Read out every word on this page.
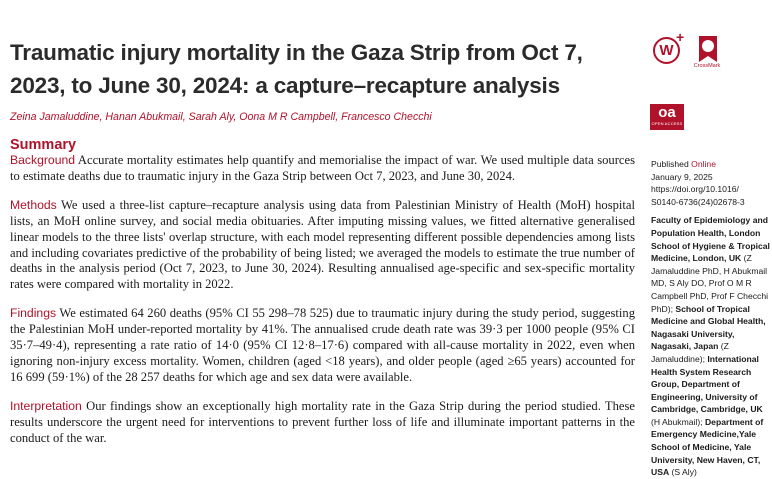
Traumatic injury mortality in the Gaza Strip from Oct 7, 2023, to June 30, 2024: a capture–recapture analysis
Zeina Jamaluddine, Hanan Abukmail, Sarah Aly, Oona M R Campbell, Francesco Checchi
W
+
CrossMark
oa
OPEN ACCESS
Summary

Background Accurate mortality estimates help quantify and memorialise the impact of war. We used multiple data sources to estimate deaths due to traumatic injury in the Gaza Strip between Oct 7, 2023, and June 30, 2024.

Methods We used a three-list capture–recapture analysis using data from Palestinian Ministry of Health (MoH) hospital lists, an MoH online survey, and social media obituaries. After imputing missing values, we fitted alternative generalised linear models to the three lists' overlap structure, with each model representing different possible dependencies among lists and including covariates predictive of the probability of being listed; we averaged the models to estimate the true number of deaths in the analysis period (Oct 7, 2023, to June 30, 2024). Resulting annualised age-specific and sex-specific mortality rates were compared with mortality in 2022.

Findings We estimated 64 260 deaths (95% CI 55 298–78 525) due to traumatic injury during the study period, suggesting the Palestinian MoH under-reported mortality by 41%. The annualised crude death rate was 39·3 per 1000 people (95% CI 35·7–49·4), representing a rate ratio of 14·0 (95% CI 12·8–17·6) compared with all-cause mortality in 2022, even when ignoring non-injury excess mortality. Women, children (aged <18 years), and older people (aged ≥65 years) accounted for 16 699 (59·1%) of the 28 257 deaths for which age and sex data were available.

Interpretation Our findings show an exceptionally high mortality rate in the Gaza Strip during the period studied. These results underscore the urgent need for interventions to prevent further loss of life and illuminate important patterns in the conduct of the war.

Published Online
January 9, 2025
https://doi.org/10.1016/
S0140-6736(24)02678-3
Faculty of Epidemiology and Population Health, London School of Hygiene & Tropical Medicine, London, UK (Z Jamaluddine PhD, H Abukmail MD, S Aly DO, Prof O M R Campbell PhD, Prof F Checchi PhD); School of Tropical Medicine and Global Health, Nagasaki University, Nagasaki, Japan (Z Jamaluddine); International Health System Research Group, Department of Engineering, University of Cambridge, Cambridge, UK (H Abukmail); Department of Emergency Medicine,Yale School of Medicine, Yale University, New Haven, CT, USA (S Aly)
